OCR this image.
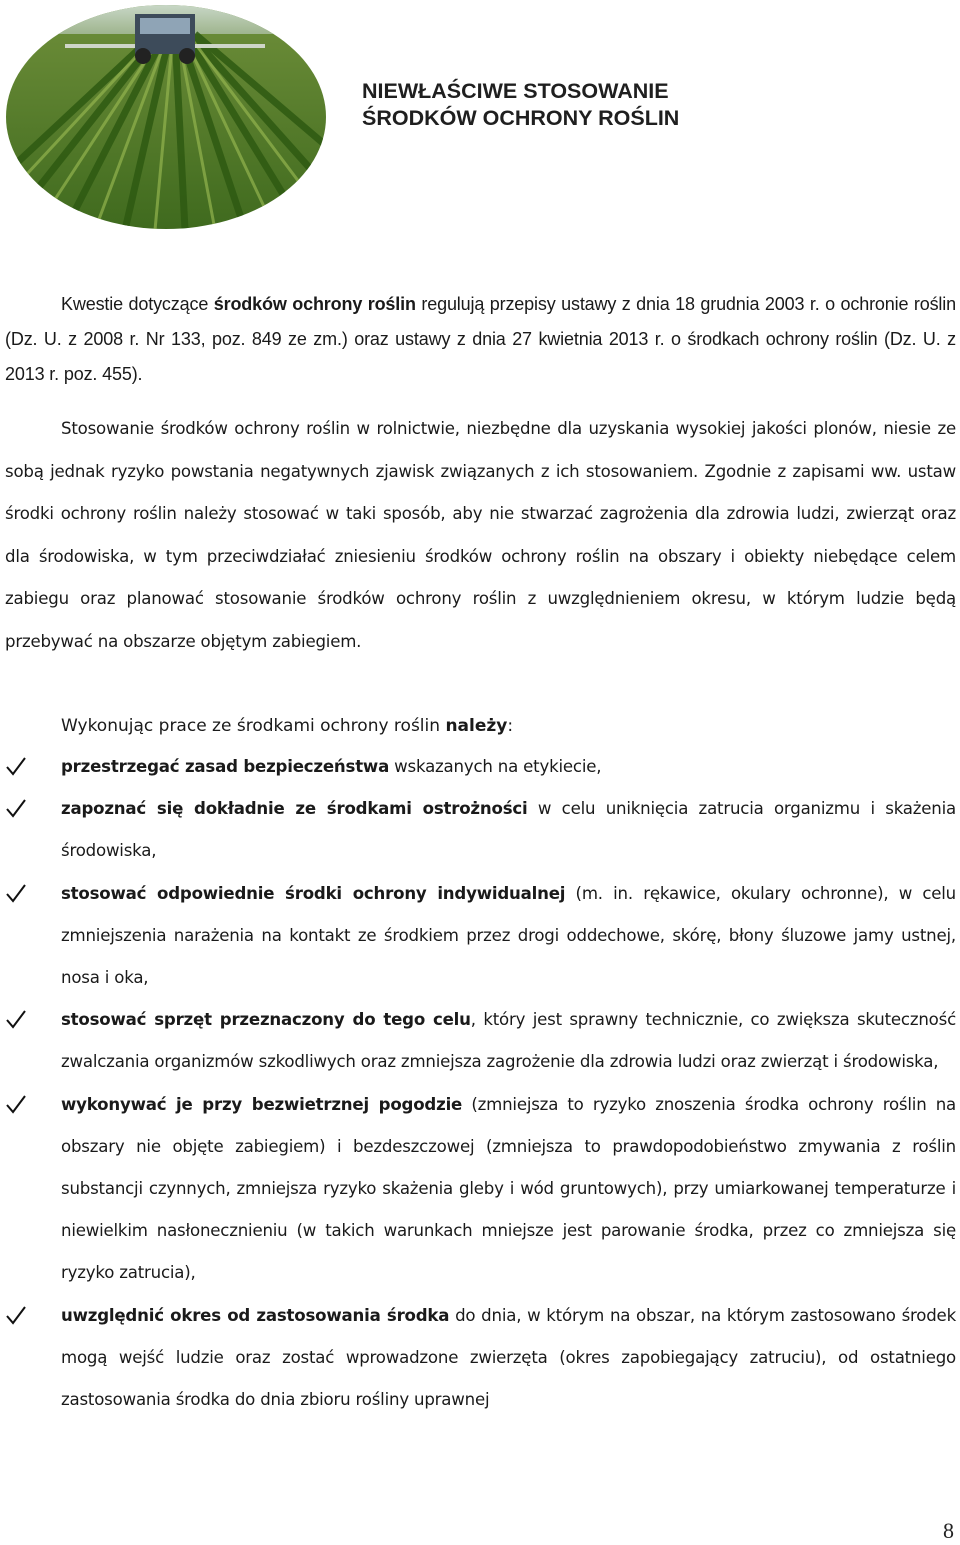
NIEWŁAŚCIWE STOSOWANIE
ŚRODKÓW OCHRONY ROŚLIN

Kwestie dotyczące środków ochrony roślin regulują przepisy ustawy z dnia 18 grudnia 2003 r. o ochronie roślin (Dz. U. z 2008 r. Nr 133, poz. 849 ze zm.) oraz ustawy z dnia 27 kwietnia 2013 r. o środkach ochrony roślin (Dz. U. z 2013 r. poz. 455).

Stosowanie środków ochrony roślin w rolnictwie, niezbędne dla uzyskania wysokiej jakości plonów, niesie ze sobą jednak ryzyko powstania negatywnych zjawisk związanych z ich stosowaniem. Zgodnie z zapisami ww. ustaw środki ochrony roślin należy stosować w taki sposób, aby nie stwarzać zagrożenia dla zdrowia ludzi, zwierząt oraz dla środowiska, w tym przeciwdziałać zniesieniu środków ochrony roślin na obszary i obiekty niebędące celem zabiegu oraz planować stosowanie środków ochrony roślin z uwzględnieniem okresu, w którym ludzie będą przebywać na obszarze objętym zabiegiem.

Wykonując prace ze środkami ochrony roślin należy:

przestrzegać zasad bezpieczeństwa wskazanych na etykiecie,
zapoznać się dokładnie ze środkami ostrożności w celu uniknięcia zatrucia organizmu i skażenia środowiska,
stosować odpowiednie środki ochrony indywidualnej (m. in. rękawice, okulary ochronne), w celu zmniejszenia narażenia na kontakt ze środkiem przez drogi oddechowe, skórę, błony śluzowe jamy ustnej, nosa i oka,
stosować sprzęt przeznaczony do tego celu, który jest sprawny technicznie, co zwiększa skuteczność zwalczania organizmów szkodliwych oraz zmniejsza zagrożenie dla zdrowia ludzi oraz zwierząt i środowiska,
wykonywać je przy bezwietrznej pogodzie (zmniejsza to ryzyko znoszenia środka ochrony roślin na obszary nie objęte zabiegiem) i bezdeszczowej (zmniejsza to prawdopodobieństwo zmywania z roślin substancji czynnych, zmniejsza ryzyko skażenia gleby i wód gruntowych), przy umiarkowanej temperaturze i niewielkim nasłonecznieniu (w takich warunkach mniejsze jest parowanie środka, przez co zmniejsza się ryzyko zatrucia),
uwzględnić okres od zastosowania środka do dnia, w którym na obszar, na którym zastosowano środek mogą wejść ludzie oraz zostać wprowadzone zwierzęta (okres zapobiegający zatruciu), od ostatniego zastosowania środka do dnia zbioru rośliny uprawnej
8
